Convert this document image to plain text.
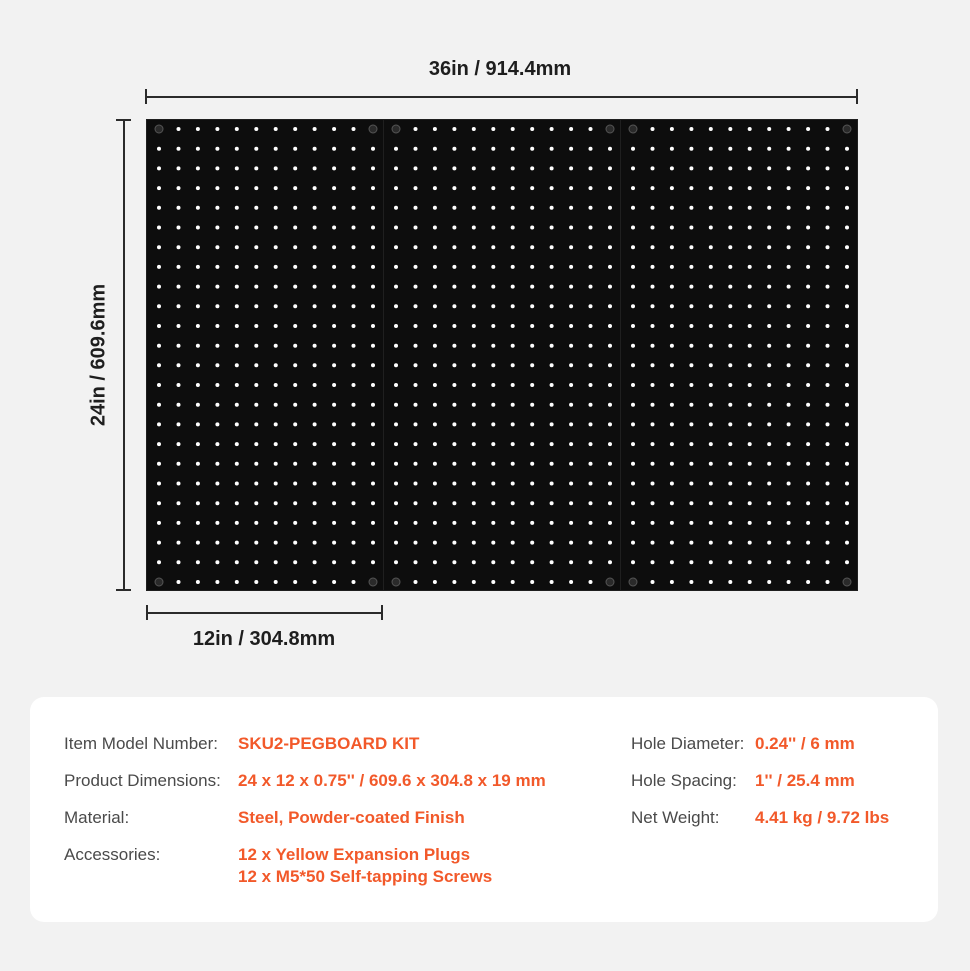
36in / 914.4mm
24in / 609.6mm
12in / 304.8mm
Item Model Number: SKU2-PEGBOARD KIT
Product Dimensions: 24 x 12 x 0.75'' / 609.6 x 304.8 x 19 mm
Material:	Steel, Powder-coated Finish
Accessories:	12 x Yellow Expansion Plugs
12 x M5*50 Self-tapping Screws
Hole Diameter: 0.24'' / 6 mm
Hole Spacing: 1'' / 25.4 mm
Net Weight: 4.41 kg / 9.72 lbs
